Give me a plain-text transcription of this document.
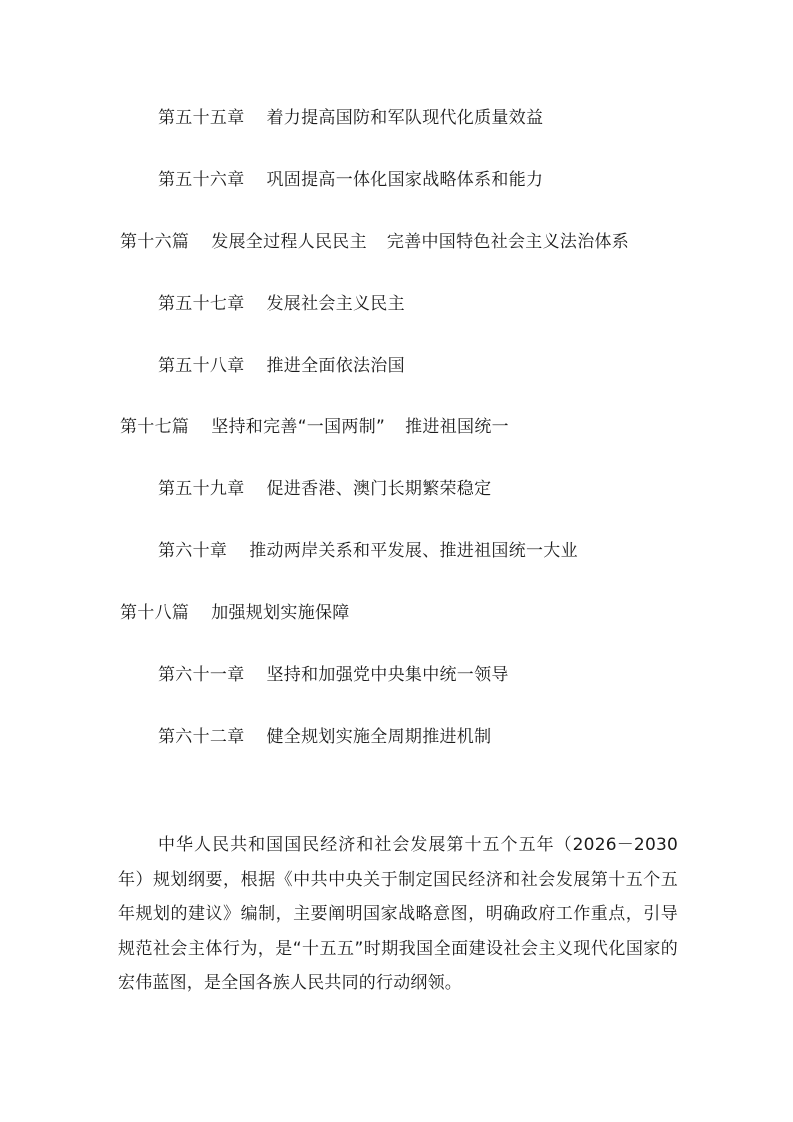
第五十五章 着力提高国防和军队现代化质量效益
第五十六章 巩固提高一体化国家战略体系和能力
第十六篇 发展全过程人民民主 完善中国特色社会主义法治体系
第五十七章 发展社会主义民主
第五十八章 推进全面依法治国
第十七篇 坚持和完善“一国两制” 推进祖国统一
第五十九章 促进香港、澳门长期繁荣稳定
第六十章 推动两岸关系和平发展、推进祖国统一大业
第十八篇 加强规划实施保障
第六十一章 坚持和加强党中央集中统一领导
第六十二章 健全规划实施全周期推进机制

中华人民共和国国民经济和社会发展第十五个五年（2026－2030年）规划纲要，根据《中共中央关于制定国民经济和社会发展第十五个五年规划的建议》编制，主要阐明国家战略意图，明确政府工作重点，引导规范社会主体行为，是“十五五”时期我国全面建设社会主义现代化国家的宏伟蓝图，是全国各族人民共同的行动纲领。
